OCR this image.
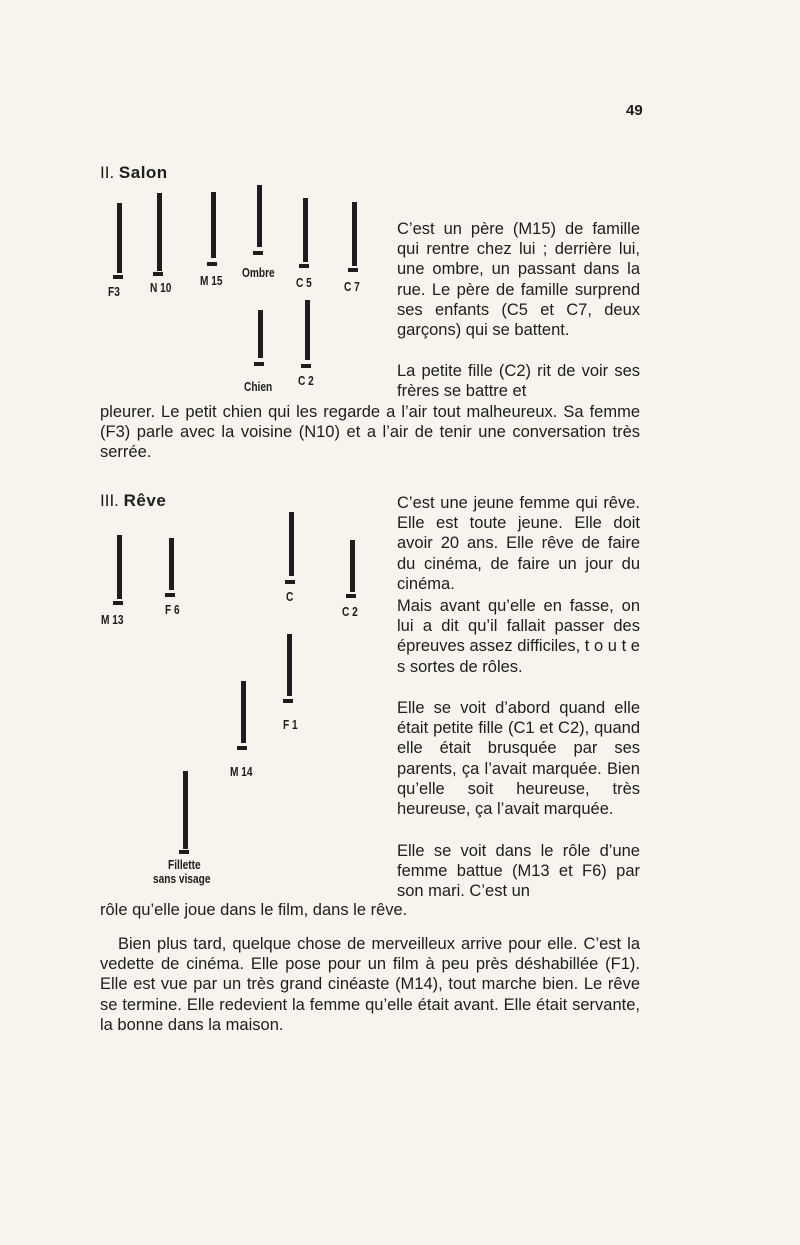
49
II. Salon
F3 N 10 M 15
Ombre
C 5 C 7
Chien C 2

C’est un père (M15) de famille qui rentre chez lui ; derrière lui, une ombre, un passant dans la rue. Le père de famille surprend ses enfants (C5 et C7, deux garçons) qui se battent.

La petite fille (C2) rit de voir ses frères se battre et

pleurer. Le petit chien qui les regarde a l’air tout malheureux. Sa femme (F3) parle avec la voisine (N10) et a l’air de tenir une conversation très serrée.

III. Rêve
M 13
F 6
C
C 2
F 1
M 14
Fillette
sans visage

C’est une jeune femme qui rêve. Elle est toute jeune. Elle doit avoir 20 ans. Elle rêve de faire du cinéma, de faire un jour du cinéma.

Mais avant qu’elle en fasse, on lui a dit qu’il fallait passer des épreuves assez difficiles, t o u t e s sortes de rôles.

Elle se voit d’abord quand elle était petite fille (C1 et C2), quand elle était brusquée par ses parents, ça l’avait marquée. Bien qu’elle soit heureuse, très heureuse, ça l’avait marquée.

Elle se voit dans le rôle d’une femme battue (M13 et F6) par son mari. C’est un

rôle qu’elle joue dans le film, dans le rêve.

Bien plus tard, quelque chose de merveilleux arrive pour elle. C’est la vedette de cinéma. Elle pose pour un film à peu près déshabillée (F1). Elle est vue par un très grand cinéaste (M14), tout marche bien. Le rêve se termine. Elle redevient la femme qu’elle était avant. Elle était servante, la bonne dans la maison.
